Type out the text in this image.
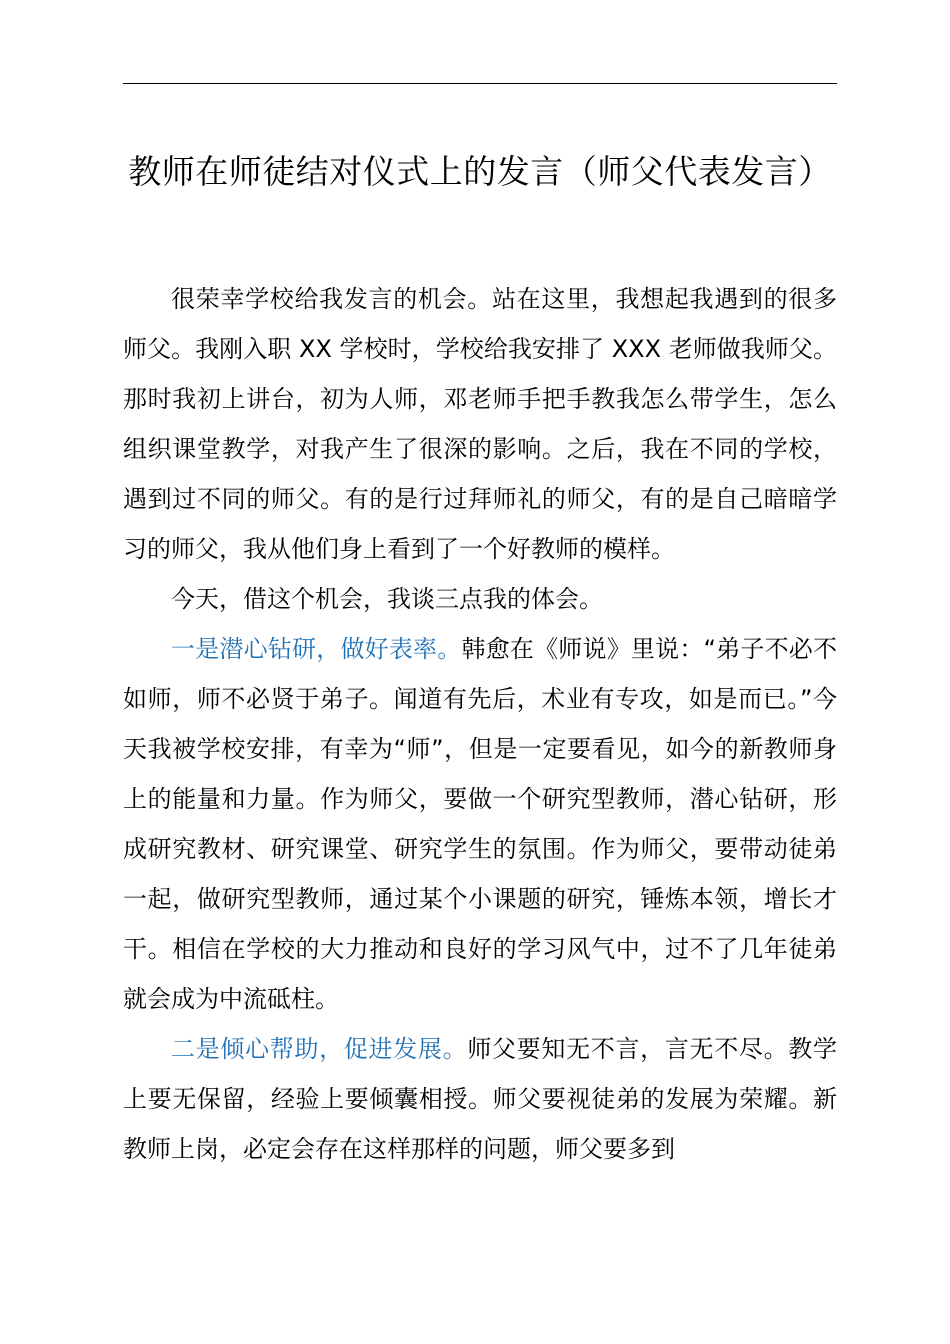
教师在师徒结对仪式上的发言（师父代表发言）

很荣幸学校给我发言的机会。站在这里，我想起我遇到的很多师父。我刚入职 XX 学校时，学校给我安排了 XXX 老师做我师父。那时我初上讲台，初为人师，邓老师手把手教我怎么带学生，怎么组织课堂教学，对我产生了很深的影响。之后，我在不同的学校，遇到过不同的师父。有的是行过拜师礼的师父，有的是自己暗暗学习的师父，我从他们身上看到了一个好教师的模样。

今天，借这个机会，我谈三点我的体会。

一是潜心钻研，做好表率。韩愈在《师说》里说：“弟子不必不如师，师不必贤于弟子。闻道有先后，术业有专攻，如是而已。”今天我被学校安排，有幸为“师”，但是一定要看见，如今的新教师身上的能量和力量。作为师父，要做一个研究型教师，潜心钻研，形成研究教材、研究课堂、研究学生的氛围。作为师父，要带动徒弟一起，做研究型教师，通过某个小课题的研究，锤炼本领，增长才干。相信在学校的大力推动和良好的学习风气中，过不了几年徒弟就会成为中流砥柱。

二是倾心帮助，促进发展。师父要知无不言，言无不尽。教学上要无保留，经验上要倾囊相授。师父要视徒弟的发展为荣耀。新教师上岗，必定会存在这样那样的问题，师父要多到
